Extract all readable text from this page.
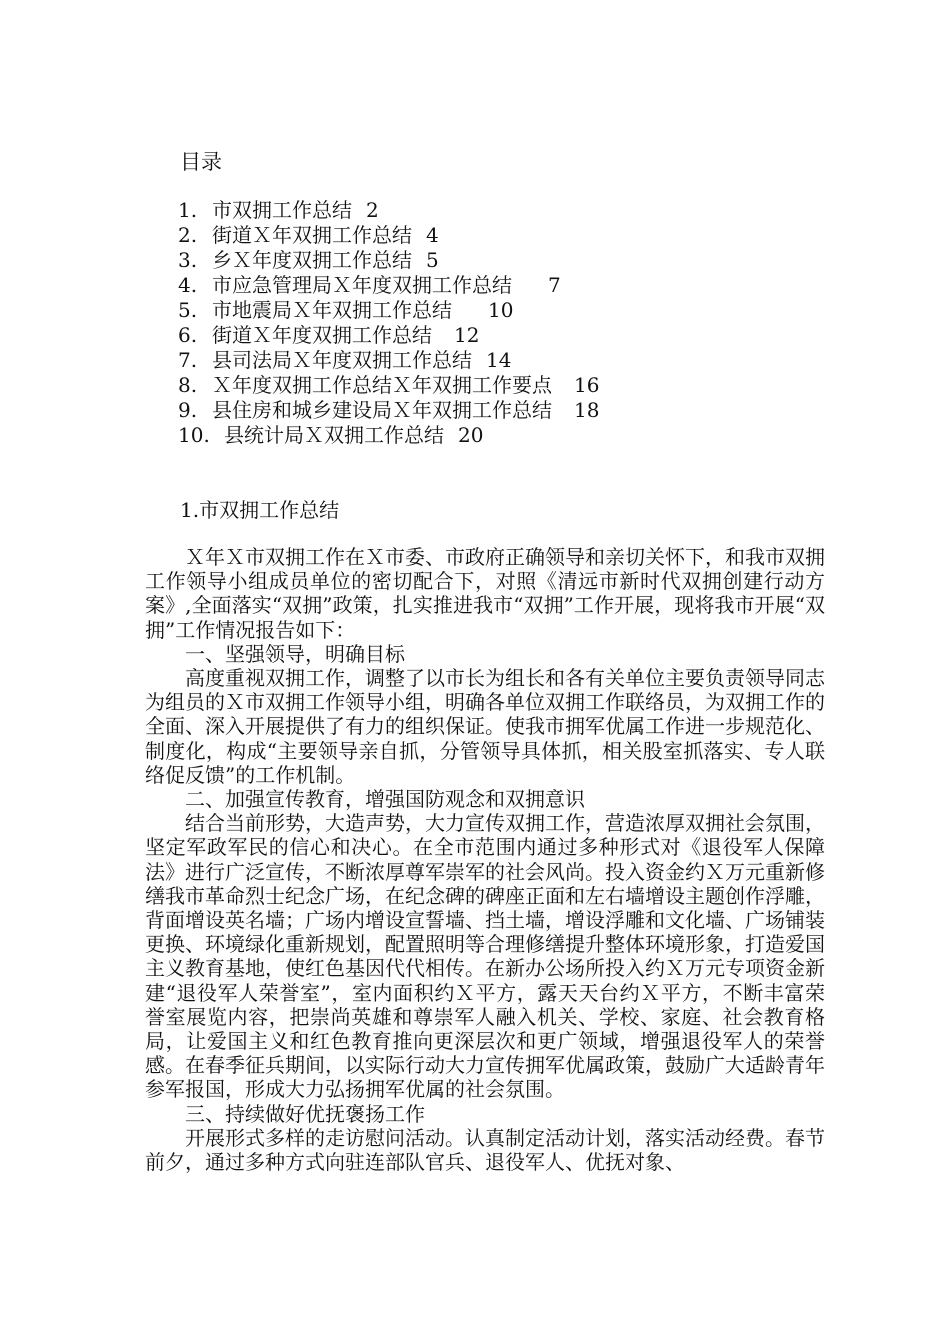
目录
1. 市双拥工作总结 2
2. 街道Ｘ年双拥工作总结 4
3. 乡Ｘ年度双拥工作总结 5
4. 市应急管理局Ｘ年度双拥工作总结 7
5. 市地震局Ｘ年双拥工作总结 10
6. 街道Ｘ年度双拥工作总结 12
7. 县司法局Ｘ年度双拥工作总结 14
8. Ｘ年度双拥工作总结Ｘ年双拥工作要点 16
9. 县住房和城乡建设局Ｘ年双拥工作总结 18
10. 县统计局Ｘ双拥工作总结 20
1.市双拥工作总结

Ｘ年Ｘ市双拥工作在Ｘ市委、市政府正确领导和亲切关怀下，和我市双拥工作领导小组成员单位的密切配合下，对照《清远市新时代双拥创建行动方案》,全面落实“双拥”政策，扎实推进我市“双拥”工作开展，现将我市开展“双拥”工作情况报告如下：

一、坚强领导，明确目标

高度重视双拥工作，调整了以市长为组长和各有关单位主要负责领导同志为组员的Ｘ市双拥工作领导小组，明确各单位双拥工作联络员，为双拥工作的全面、深入开展提供了有力的组织保证。使我市拥军优属工作进一步规范化、制度化，构成“主要领导亲自抓，分管领导具体抓，相关股室抓落实、专人联络促反馈”的工作机制。

二、加强宣传教育，增强国防观念和双拥意识

结合当前形势，大造声势，大力宣传双拥工作，营造浓厚双拥社会氛围，坚定军政军民的信心和决心。在全市范围内通过多种形式对《退役军人保障法》进行广泛宣传，不断浓厚尊军崇军的社会风尚。投入资金约Ｘ万元重新修缮我市革命烈士纪念广场，在纪念碑的碑座正面和左右墙增设主题创作浮雕，背面增设英名墙；广场内增设宣誓墙、挡土墙，增设浮雕和文化墙、广场铺装更换、环境绿化重新规划，配置照明等合理修缮提升整体环境形象，打造爱国主义教育基地，使红色基因代代相传。在新办公场所投入约Ｘ万元专项资金新建“退役军人荣誉室”，室内面积约Ｘ平方，露天天台约Ｘ平方，不断丰富荣誉室展览内容，把崇尚英雄和尊崇军人融入机关、学校、家庭、社会教育格局，让爱国主义和红色教育推向更深层次和更广领域，增强退役军人的荣誉感。在春季征兵期间，以实际行动大力宣传拥军优属政策，鼓励广大适龄青年参军报国，形成大力弘扬拥军优属的社会氛围。

三、持续做好优抚褒扬工作

开展形式多样的走访慰问活动。认真制定活动计划，落实活动经费。春节前夕，通过多种方式向驻连部队官兵、退役军人、优抚对象、
